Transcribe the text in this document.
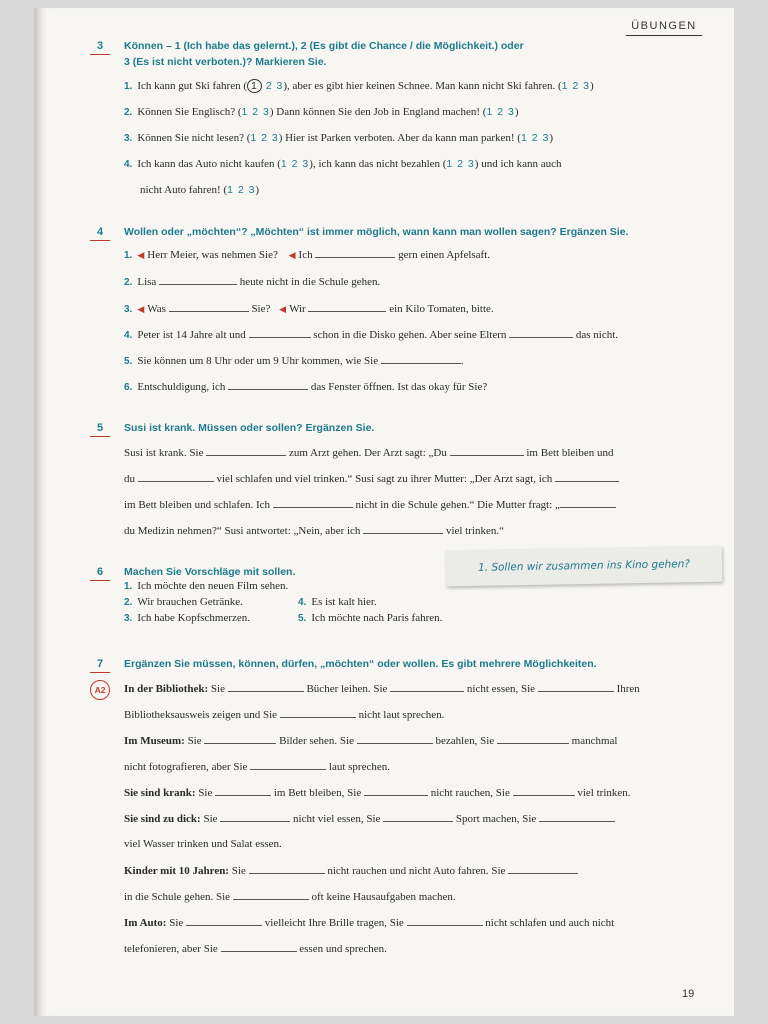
ÜBUNGEN
3	Können – 1 (Ich habe das gelernt.), 2 (Es gibt die Chance / die Möglichkeit.) oder
3 (Es ist nicht verboten.)? Markieren Sie.
1. Ich kann gut Ski fahren ( 1 2 3), aber es gibt hier keinen Schnee. Man kann nicht Ski fahren. (1 2 3)
2. Können Sie Englisch? (1 2 3) Dann können Sie den Job in England machen! (1 2 3)
3. Können Sie nicht lesen? (1 2 3) Hier ist Parken verboten. Aber da kann man parken! (1 2 3)
4. Ich kann das Auto nicht kaufen (1 2 3), ich kann das nicht bezahlen (1 2 3) und ich kann auch
nicht Auto fahren! (1 2 3)
4	Wollen oder „möchten“? „Möchten“ ist immer möglich, wann kann man wollen sagen? Ergänzen Sie.
1. ◀ Herr Meier, was nehmen Sie? ◀ Ich	gern einen Apfelsaft.
2. Lisa	heute nicht in die Schule gehen.
3. ◀ Was	Sie? ◀ Wir	ein Kilo Tomaten, bitte.
4. Peter ist 14 Jahre alt und	schon in die Disko gehen. Aber seine Eltern	das nicht.
5. Sie können um 8 Uhr oder um 9 Uhr kommen, wie Sie	.
6. Entschuldigung, ich	das Fenster öffnen. Ist das okay für Sie?
5	Susi ist krank. Müssen oder sollen? Ergänzen Sie.
Susi ist krank. Sie	zum Arzt gehen. Der Arzt sagt: „Du	im Bett bleiben und
du	viel schlafen und viel trinken.“ Susi sagt zu ihrer Mutter: „Der Arzt sagt, ich
im Bett bleiben und schlafen. Ich	nicht in die Schule gehen.“ Die Mutter fragt: „
du Medizin nehmen?“ Susi antwortet: „Nein, aber ich	viel trinken.“
6	Machen Sie Vorschläge mit sollen.
1. Ich möchte den neuen Film sehen.
2. Wir brauchen Getränke.
3. Ich habe Kopfschmerzen.
4. Es ist kalt hier.
5. Ich möchte nach Paris fahren.
1. Sollen wir zusammen ins Kino gehen?
7	Ergänzen Sie müssen, können, dürfen, „möchten“ oder wollen. Es gibt mehrere Möglichkeiten.
A2	In der Bibliothek: Sie	Bücher leihen. Sie	nicht essen, Sie	Ihren
Bibliotheksausweis zeigen und Sie	nicht laut sprechen.
Im Museum: Sie	Bilder sehen. Sie	bezahlen, Sie	manchmal
nicht fotografieren, aber Sie	laut sprechen.
Sie sind krank: Sie	im Bett bleiben, Sie	nicht rauchen, Sie	viel trinken.
Sie sind zu dick: Sie	nicht viel essen, Sie	Sport machen, Sie
viel Wasser trinken und Salat essen.
Kinder mit 10 Jahren: Sie	nicht rauchen und nicht Auto fahren. Sie
in die Schule gehen. Sie	oft keine Hausaufgaben machen.
Im Auto: Sie	vielleicht Ihre Brille tragen, Sie	nicht schlafen und auch nicht
telefonieren, aber Sie	essen und sprechen.
19
